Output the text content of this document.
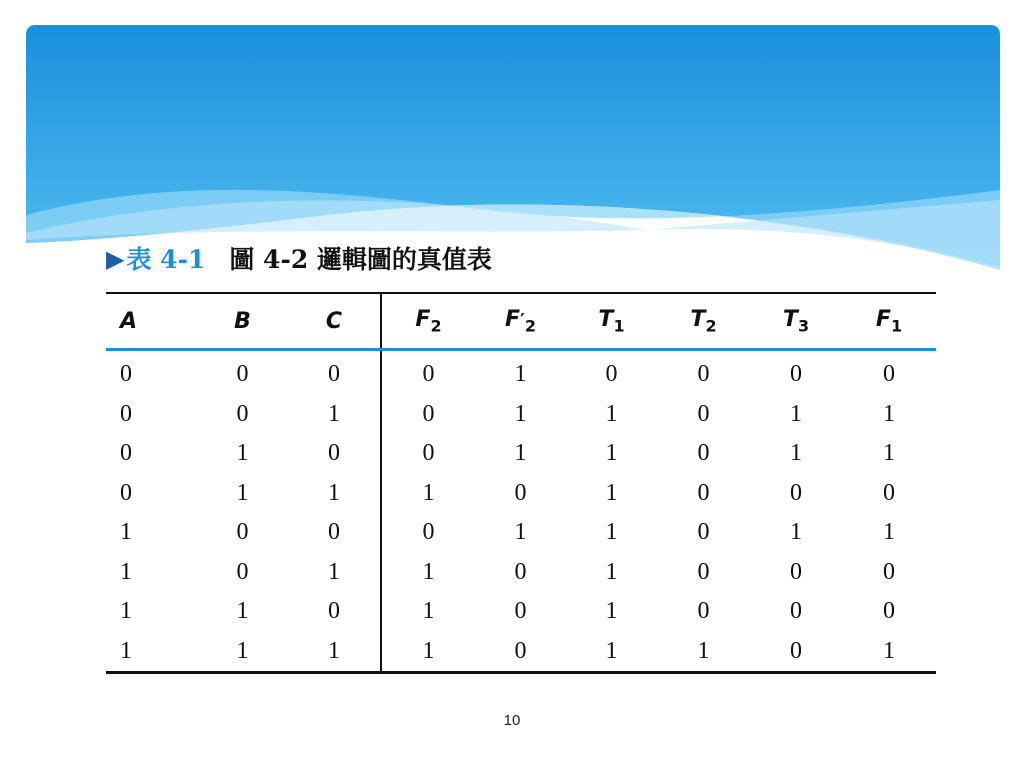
▶ 表 4-1 圖 4-2 邏輯圖的真值表
A	B	C	$F_2$	$F'_2$	$T_1$	$T_2$	$T_3$	$F_1$
0	0	0	0	1	0	0	0	0
0	0	1	0	1	1	0	1	1
0	1	0	0	1	1	0	1	1
0	1	1	1	0	1	0	0	0
1	0	0	0	1	1	0	1	1
1	0	1	1	0	1	0	0	0
1	1	0	1	0	1	0	0	0
1	1	1	1	0	1	1	0	1
10
